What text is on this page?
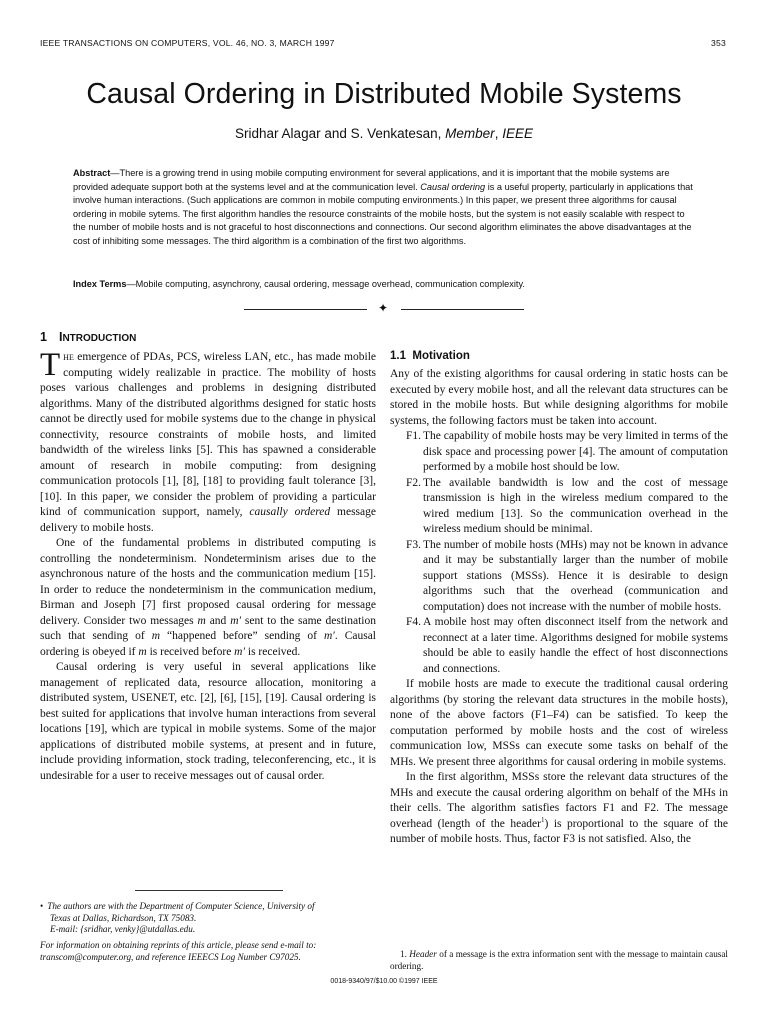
IEEE TRANSACTIONS ON COMPUTERS, VOL. 46, NO. 3, MARCH 1997	353
Causal Ordering in Distributed Mobile Systems
Sridhar Alagar and S. Venkatesan, Member, IEEE
Abstract—There is a growing trend in using mobile computing environment for several applications, and it is important that the mobile systems are provided adequate support both at the systems level and at the communication level. Causal ordering is a useful property, particularly in applications that involve human interactions. (Such applications are common in mobile computing environments.) In this paper, we present three algorithms for causal ordering in mobile sytems. The first algorithm handles the resource constraints of the mobile hosts, but the system is not easily scalable with respect to the number of mobile hosts and is not graceful to host disconnections and connections. Our second algorithm eliminates the above disadvantages at the cost of inhibiting some messages. The third algorithm is a combination of the first two algorithms.
Index Terms—Mobile computing, asynchrony, causal ordering, message overhead, communication complexity.
✦
1 INTRODUCTION

The emergence of PDAs, PCS, wireless LAN, etc., has made mobile computing widely realizable in practice. The mobility of hosts poses various challenges and problems in designing distributed algorithms. Many of the distributed algorithms designed for static hosts cannot be directly used for mobile systems due to the change in physical connectivity, resource constraints of mobile hosts, and limited bandwidth of the wireless links [5]. This has spawned a considerable amount of research in mobile computing: from designing communication protocols [1], [8], [18] to providing fault tolerance [3], [10]. In this paper, we consider the problem of providing a particular kind of communication support, namely, causally ordered message delivery to mobile hosts.

One of the fundamental problems in distributed computing is controlling the nondeterminism. Nondeterminism arises due to the asynchronous nature of the hosts and the communication medium [15]. In order to reduce the nondeterminism in the communication medium, Birman and Joseph [7] first proposed causal ordering for message delivery. Consider two messages m and m′ sent to the same destination such that sending of m “happened before” sending of m′. Causal ordering is obeyed if m is received before m′ is received.

Causal ordering is very useful in several applications like management of replicated data, resource allocation, monitoring a distributed system, USENET, etc. [2], [6], [15], [19]. Causal ordering is best suited for applications that involve human interactions from several locations [19], which are typical in mobile systems. Some of the major applications of distributed mobile systems, at present and in future, include providing information, stock trading, teleconferencing, etc., it is undesirable for a user to receive messages out of causal order.

• The authors are with the Department of Computer Science, University of
Texas at Dallas, Richardson, TX 75083.
E-mail: {sridhar, venky}@utdallas.edu.
For information on obtaining reprints of this article, please send e-mail to:
transcom@computer.org, and reference IEEECS Log Number C97025.
1.1 Motivation

Any of the existing algorithms for causal ordering in static hosts can be executed by every mobile host, and all the relevant data structures can be stored in the mobile hosts. But while designing algorithms for mobile systems, the following factors must be taken into account.

F1. The capability of mobile hosts may be very limited in terms of the disk space and processing power [4]. The amount of computation performed by a mobile host should be low.
F2. The available bandwidth is low and the cost of message transmission is high in the wireless medium compared to the wired medium [13]. So the communication overhead in the wireless medium should be minimal.
F3. The number of mobile hosts (MHs) may not be known in advance and it may be substantially larger than the number of mobile support stations (MSSs). Hence it is desirable to design algorithms such that the overhead (communication and computation) does not increase with the number of mobile hosts.
F4. A mobile host may often disconnect itself from the network and reconnect at a later time. Algorithms designed for mobile systems should be able to easily handle the effect of host disconnections and connections.

If mobile hosts are made to execute the traditional causal ordering algorithms (by storing the relevant data structures in the mobile hosts), none of the above factors (F1–F4) can be satisfied. To keep the computation performed by mobile hosts and the cost of wireless communication low, MSSs can execute some tasks on behalf of the MHs. We present three algorithms for causal ordering in mobile systems.

In the first algorithm, MSSs store the relevant data structures of the MHs and execute the causal ordering algorithm on behalf of the MHs in their cells. The algorithm satisfies factors F1 and F2. The message overhead (length of the header$^1$) is proportional to the square of the number of mobile hosts. Thus, factor F3 is not satisfied. Also, the

1. Header of a message is the extra information sent with the message to maintain causal ordering.
0018-9340/97/$10.00 ©1997 IEEE
